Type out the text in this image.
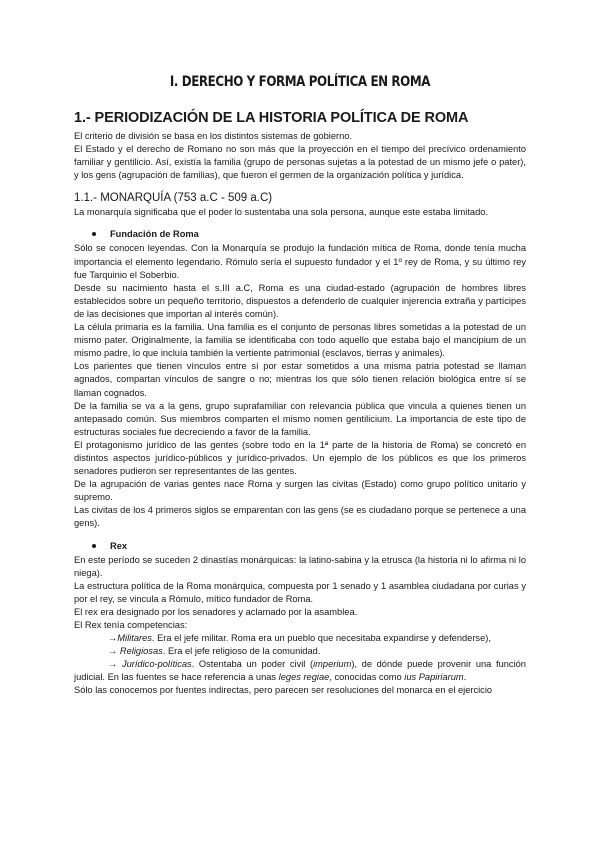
I. DERECHO Y FORMA POLÍTICA EN ROMA
1.- PERIODIZACIÓN DE LA HISTORIA POLÍTICA DE ROMA

El criterio de división se basa en los distintos sistemas de gobierno.

El Estado y el derecho de Romano no son más que la proyección en el tiempo del precívico ordenamiento familiar y gentilicio. Así, existía la familia (grupo de personas sujetas a la potestad de un mismo jefe o pater), y los gens (agrupación de familias), que fueron el germen de la organización política y jurídica.

1.1.- MONARQUÍA (753 a.C - 509 a.C)

La monarquía significaba que el poder lo sustentaba una sola persona, aunque este estaba limitado.

Fundación de Roma

Sólo se conocen leyendas. Con la Monarquía se produjo la fundación mítica de Roma, donde tenía mucha importancia el elemento legendario. Rómulo sería el supuesto fundador y el 1º rey de Roma, y su último rey fue Tarquinio el Soberbio.

Desde su nacimiento hasta el s.III a.C, Roma es una ciudad-estado (agrupación de hombres libres establecidos sobre un pequeño territorio, dispuestos a defenderlo de cualquier injerencia extraña y partícipes de las decisiones que importan al interés común).

La célula primaria es la familia. Una familia es el conjunto de personas libres sometidas a la potestad de un mismo pater. Originalmente, la familia se identificaba con todo aquello que estaba bajo el mancipium de un mismo padre, lo que incluía también la vertiente patrimonial (esclavos, tierras y animales).

Los parientes que tienen vínculos entre sí por estar sometidos a una misma patria potestad se llaman agnados, compartan vínculos de sangre o no; mientras los que sólo tienen relación biológica entre sí se llaman cognados.

De la familia se va a la gens, grupo suprafamiliar con relevancia pública que vincula a quienes tienen un antepasado común. Sus miembros comparten el mismo nomen gentilicium. La importancia de este tipo de estructuras sociales fue decreciendo a favor de la familia.

El protagonismo jurídico de las gentes (sobre todo en la 1ª parte de la historia de Roma) se concretó en distintos aspectos jurídico-públicos y jurídico-privados. Un ejemplo de los públicos es que los primeros senadores pudieron ser representantes de las gentes.

De la agrupación de varias gentes nace Roma y surgen las civitas (Estado) como grupo político unitario y supremo.

Las civitas de los 4 primeros siglos se emparentan con las gens (se es ciudadano porque se pertenece a una gens).

Rex

En este período se suceden 2 dinastías monárquicas: la latino-sabina y la etrusca (la historia ni lo afirma ni lo niega).

La estructura política de la Roma monárquica, compuesta por 1 senado y 1 asamblea ciudadana por curias y por el rey, se vincula a Rómulo, mítico fundador de Roma.

El rex era designado por los senadores y aclamado por la asamblea.

El Rex tenía competencias:

→Militares. Era el jefe militar. Roma era un pueblo que necesitaba expandirse y defenderse),

→ Religiosas. Era el jefe religioso de la comunidad.

→ Jurídico-políticas. Ostentaba un poder civil (imperium), de dónde puede provenir una función judicial. En las fuentes se hace referencia a unas leges regiae, conocidas como ius Papiriarum.

Sólo las conocemos por fuentes indirectas, pero parecen ser resoluciones del monarca en el ejercicio
